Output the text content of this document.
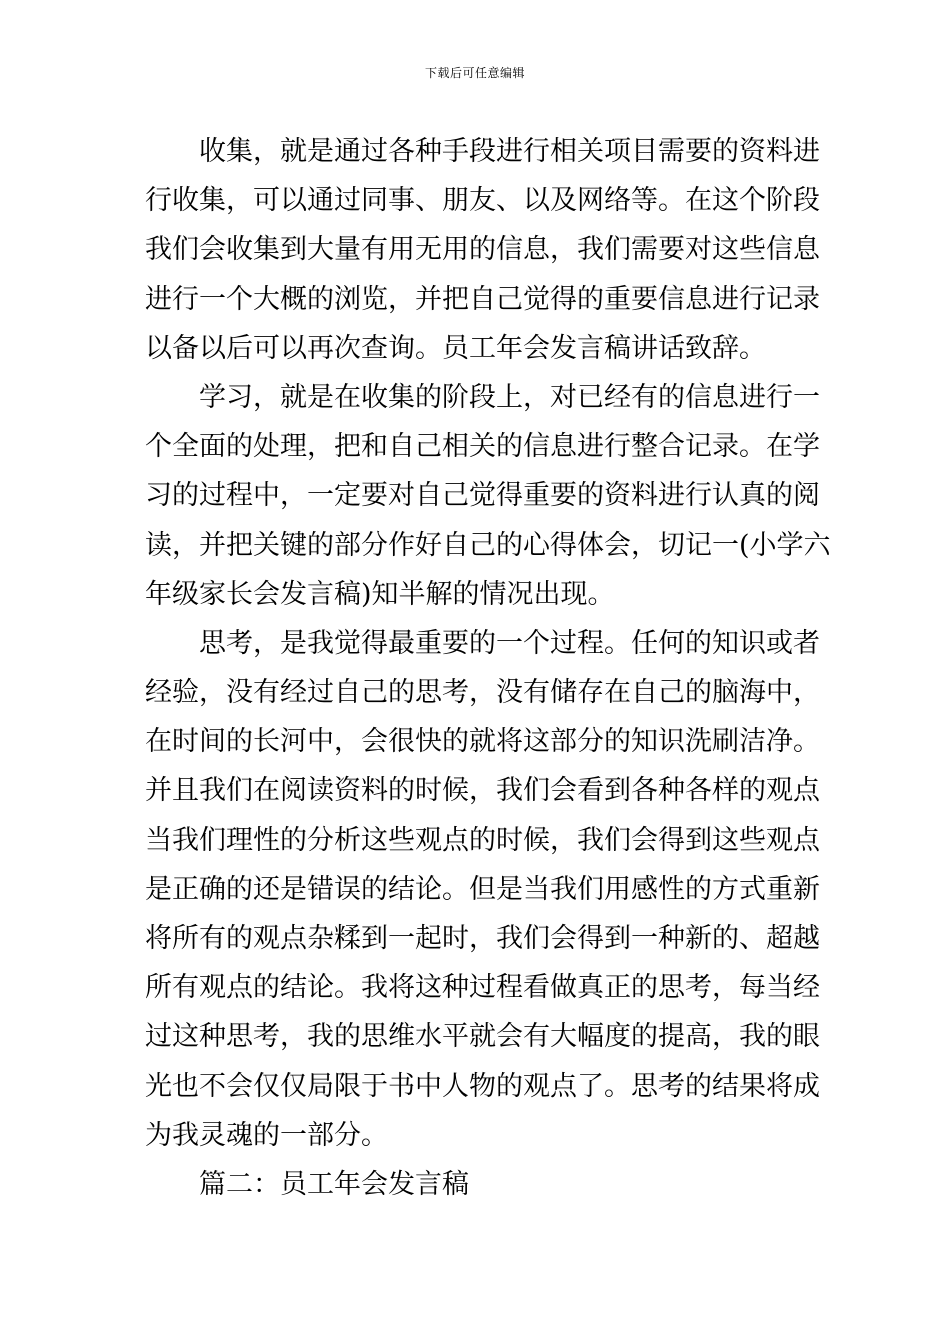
下载后可任意编辑
收集，就是通过各种手段进行相关项目需要的资料进
行收集，可以通过同事、朋友、以及网络等。在这个阶段
我们会收集到大量有用无用的信息，我们需要对这些信息
进行一个大概的浏览，并把自己觉得的重要信息进行记录
以备以后可以再次查询。员工年会发言稿讲话致辞。
学习，就是在收集的阶段上，对已经有的信息进行一
个全面的处理，把和自己相关的信息进行整合记录。在学
习的过程中，一定要对自己觉得重要的资料进行认真的阅
读，并把关键的部分作好自己的心得体会，切记一(小学六
年级家长会发言稿)知半解的情况出现。
思考，是我觉得最重要的一个过程。任何的知识或者
经验，没有经过自己的思考，没有储存在自己的脑海中，
在时间的长河中，会很快的就将这部分的知识洗刷洁净。
并且我们在阅读资料的时候，我们会看到各种各样的观点
当我们理性的分析这些观点的时候，我们会得到这些观点
是正确的还是错误的结论。但是当我们用感性的方式重新
将所有的观点杂糅到一起时，我们会得到一种新的、超越
所有观点的结论。我将这种过程看做真正的思考，每当经
过这种思考，我的思维水平就会有大幅度的提高，我的眼
光也不会仅仅局限于书中人物的观点了。思考的结果将成
为我灵魂的一部分。
篇二：员工年会发言稿
